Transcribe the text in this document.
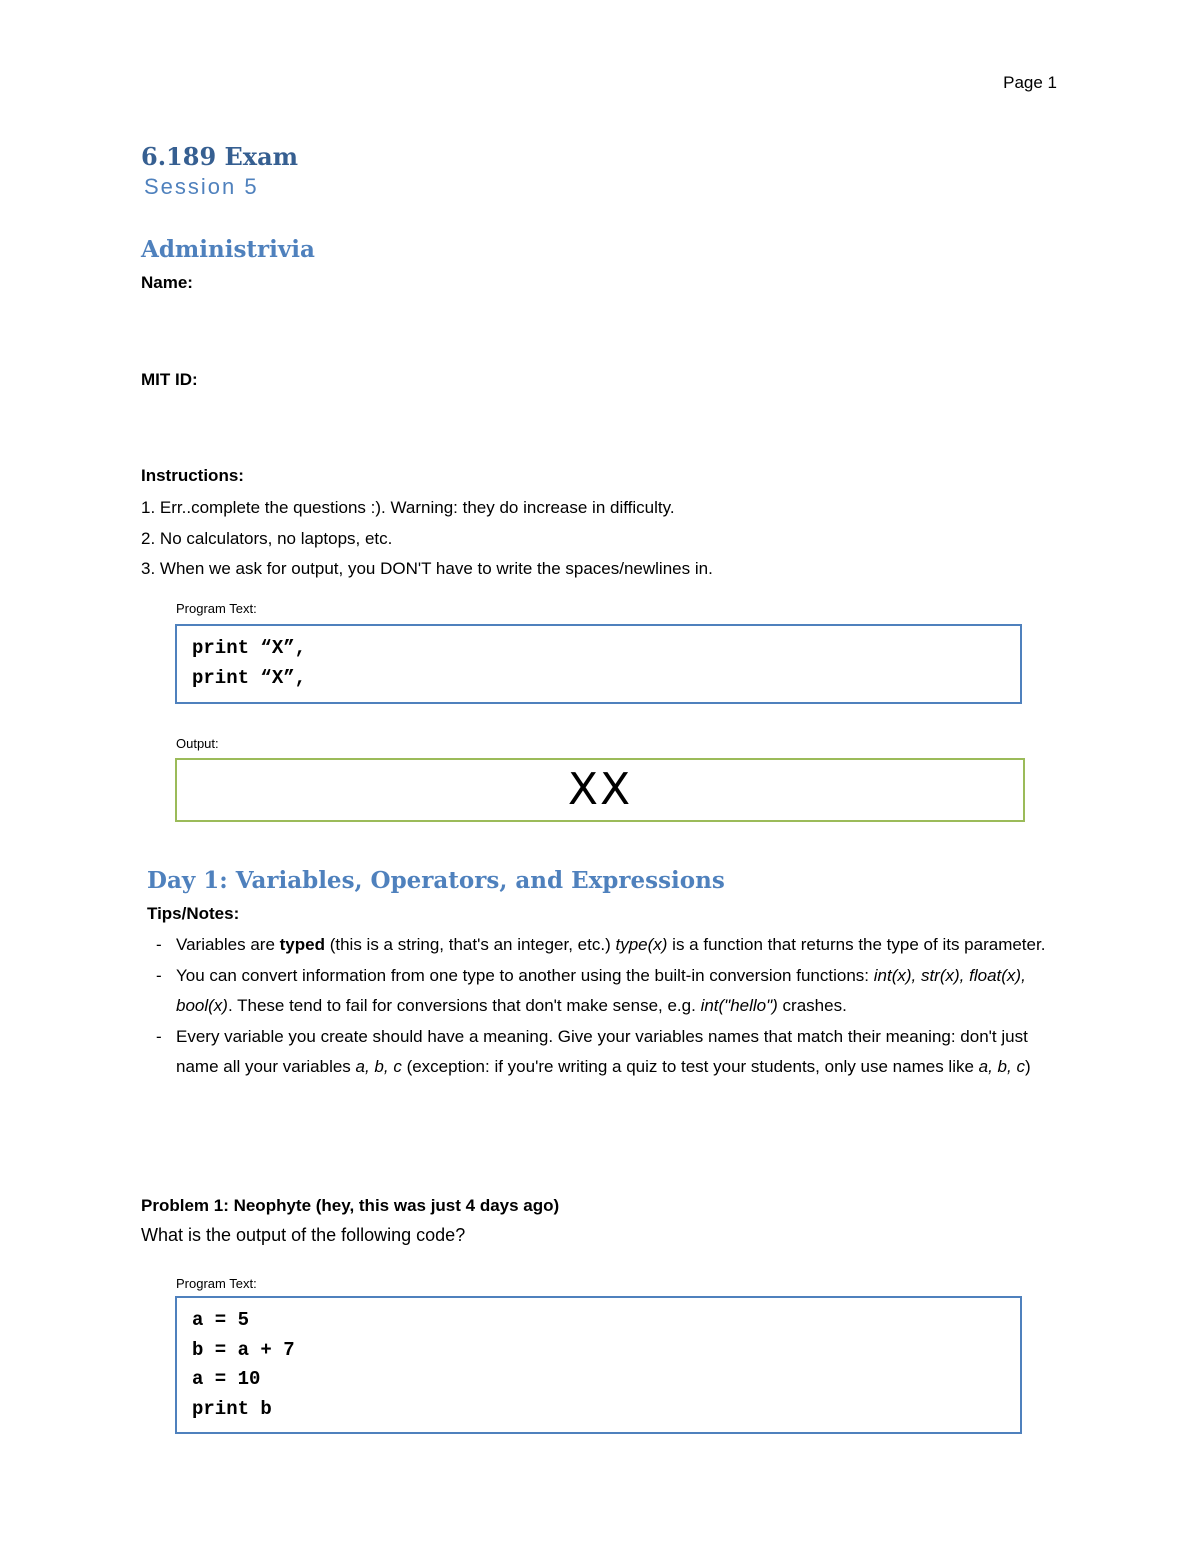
Page 1
6.189 Exam
Session 5
Administrivia
Name:
MIT ID:
Instructions:
1. Err..complete the questions :). Warning: they do increase in difficulty.
2. No calculators, no laptops, etc.
3. When we ask for output, you DON'T have to write the spaces/newlines in.
Program Text:
print “X”,
print “X”,
Output:
XX
Day 1: Variables, Operators, and Expressions
Tips/Notes:
- Variables are typed (this is a string, that's an integer, etc.) type(x) is a function that returns the type of its parameter.
- You can convert information from one type to another using the built-in conversion functions: int(x), str(x), float(x), bool(x). These tend to fail for conversions that don't make sense, e.g. int("hello") crashes.
- Every variable you create should have a meaning. Give your variables names that match their meaning: don't just name all your variables a, b, c (exception: if you're writing a quiz to test your students, only use names like a, b, c)
Problem 1: Neophyte (hey, this was just 4 days ago)
What is the output of the following code?
Program Text:
a = 5
b = a + 7
a = 10
print b
